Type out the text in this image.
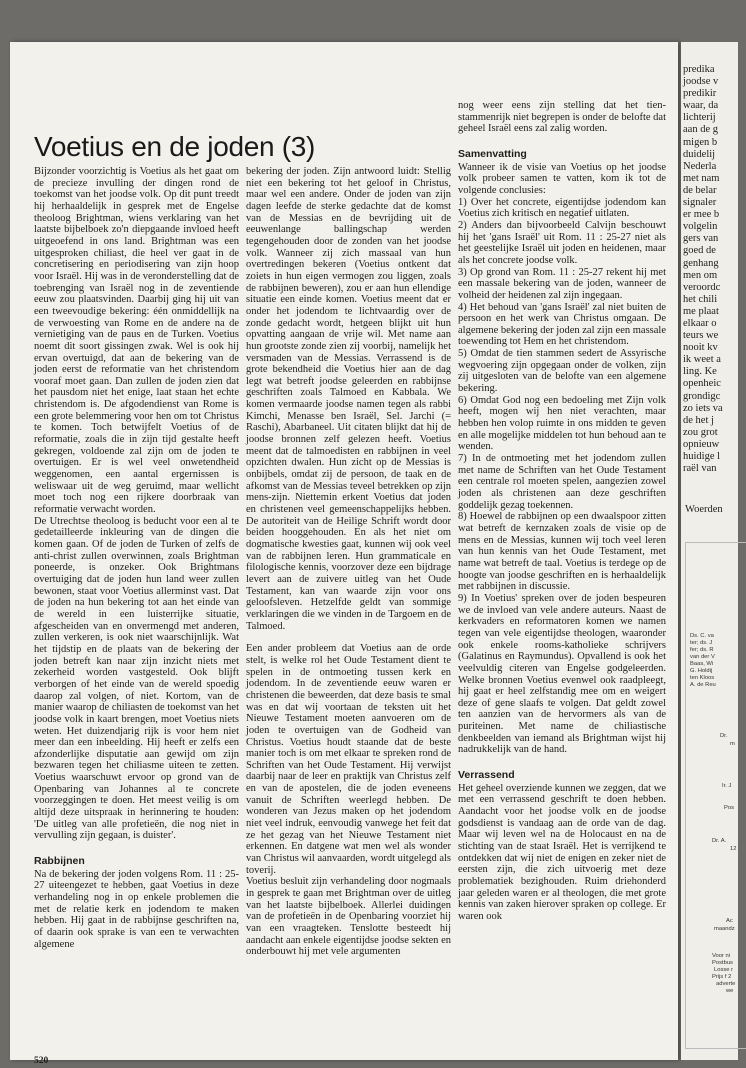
Voetius en de joden (3)

Bijzonder voorzichtig is Voetius als het gaat om de precieze invulling der dingen rond de toekomst van het joodse volk. Op dit punt treedt hij herhaaldelijk in gesprek met de Engelse theoloog Brightman, wiens verklaring van het laatste bijbelboek zo'n diepgaande invloed heeft uitgeoefend in ons land. Brightman was een uitgesproken chiliast, die heel ver gaat in de concretisering en periodisering van zijn hoop voor Israël. Hij was in de veronderstelling dat de toebrenging van Israël nog in de zeventiende eeuw zou plaatsvinden. Daarbij ging hij uit van een tweevoudige bekering: één onmiddellijk na de verwoesting van Rome en de andere na de vernietiging van de paus en de Turken. Voetius noemt dit soort gissingen zwak. Wel is ook hij ervan overtuigd, dat aan de bekering van de joden eerst de reformatie van het christendom vooraf moet gaan. Dan zullen de joden zien dat het pausdom niet het enige, laat staan het echte christendom is. De afgodendienst van Rome is een grote belemmering voor hen om tot Christus te komen. Toch betwijfelt Voetius of de reformatie, zoals die in zijn tijd gestalte heeft gekregen, voldoende zal zijn om de joden te overtuigen. Er is wel veel onwetendheid weggenomen, een aantal ergernissen is weliswaar uit de weg geruimd, maar wellicht moet toch nog een rijkere doorbraak van reformatie verwacht worden.

De Utrechtse theoloog is beducht voor een al te gedetailleerde inkleuring van de dingen die komen gaan. Of de joden de Turken of zelfs de anti-christ zullen overwinnen, zoals Brightman poneerde, is onzeker. Ook Brightmans overtuiging dat de joden hun land weer zullen bewonen, staat voor Voetius allerminst vast. Dat de joden na hun bekering tot aan het einde van de wereld in een luisterrijke situatie, afgescheiden van en onvermengd met anderen, zullen verkeren, is ook niet waarschijnlijk. Wat het tijdstip en de plaats van de bekering der joden betreft kan naar zijn inzicht niets met zekerheid worden vastgesteld. Ook blijft verborgen of het einde van de wereld spoedig daarop zal volgen, of niet. Kortom, van de manier waarop de chiliasten de toekomst van het joodse volk in kaart brengen, moet Voetius niets weten. Het duizendjarig rijk is voor hem niet meer dan een inbeelding. Hij heeft er zelfs een afzonderlijke disputatie aan gewijd om zijn bezwaren tegen het chiliasme uiteen te zetten. Voetius waarschuwt ervoor op grond van de Openbaring van Johannes al te concrete voorzeggingen te doen. Het meest veilig is om altijd deze uitspraak in herinnering te houden: 'De uitleg van alle profetieën, die nog niet in vervulling zijn gegaan, is duister'.

Rabbijnen

Na de bekering der joden volgens Rom. 11 : 25-27 uiteengezet te hebben, gaat Voetius in deze verhandeling nog in op enkele problemen die met de relatie kerk en jodendom te maken hebben. Hij gaat in de rabbijnse geschriften na, of daarin ook sprake is van een te verwachten algemene

bekering der joden. Zijn antwoord luidt: Stellig niet een bekering tot het geloof in Christus, maar wel een andere. Onder de joden van zijn dagen leefde de sterke gedachte dat de komst van de Messias en de bevrijding uit de eeuwenlange ballingschap werden tegengehouden door de zonden van het joodse volk. Wanneer zij zich massaal van hun overtredingen bekeren (Voetius ontkent dat zoiets in hun eigen vermogen zou liggen, zoals de rabbijnen beweren), zou er aan hun ellendige situatie een einde komen. Voetius meent dat er onder het jodendom te lichtvaardig over de zonde gedacht wordt, hetgeen blijkt uit hun opvatting aangaan de vrije wil. Met name aan hun grootste zonde zien zij voorbij, namelijk het versmaden van de Messias. Verrassend is de grote bekendheid die Voetius hier aan de dag legt wat betreft joodse geleerden en rabbijnse geschriften zoals Talmoed en Kabbala. We komen vermaarde joodse namen tegen als rabbi Kimchi, Menasse ben Israël, Sel. Jarchi (= Raschi), Abarbaneel. Uit citaten blijkt dat hij de joodse bronnen zelf gelezen heeft. Voetius meent dat de talmoedisten en rabbijnen in veel opzichten dwalen. Hun zicht op de Messias is onbijbels, omdat zij de persoon, de taak en de afkomst van de Messias teveel betrekken op zijn mens-zijn. Niettemin erkent Voetius dat joden en christenen veel gemeenschappelijks hebben. De autoriteit van de Heilige Schrift wordt door beiden hooggehouden. En als het niet om dogmatische kwesties gaat, kunnen wij ook veel van de rabbijnen leren. Hun grammaticale en filologische kennis, voorzover deze een bijdrage levert aan de zuivere uitleg van het Oude Testament, kan van waarde zijn voor ons geloofsleven. Hetzelfde geldt van sommige verklaringen die we vinden in de Targoem en de Talmoed.

Een ander probleem dat Voetius aan de orde stelt, is welke rol het Oude Testament dient te spelen in de ontmoeting tussen kerk en jodendom. In de zeventiende eeuw waren er christenen die beweerden, dat deze basis te smal was en dat wij voortaan de teksten uit het Nieuwe Testament moeten aanvoeren om de joden te overtuigen van de Godheid van Christus. Voetius houdt staande dat de beste manier toch is om met elkaar te spreken rond de Schriften van het Oude Testament. Hij verwijst daarbij naar de leer en praktijk van Christus zelf en van de apostelen, die de joden eveneens vanuit de Schriften weerlegd hebben. De wonderen van Jezus maken op het jodendom niet veel indruk, eenvoudig vanwege het feit dat ze het gezag van het Nieuwe Testament niet erkennen. En datgene wat men wel als wonder van Christus wil aanvaarden, wordt uitgelegd als toverij.

Voetius besluit zijn verhandeling door nogmaals in gesprek te gaan met Brightman over de uitleg van het laatste bijbelboek. Allerlei duidingen van de profetieën in de Openbaring voorziet hij van een vraagteken. Tenslotte besteedt hij aandacht aan enkele eigentijdse joodse sekten en onderbouwt hij met vele argumenten

nog weer eens zijn stelling dat het tien-stammenrijk niet begrepen is onder de belofte dat geheel Israël eens zal zalig worden.

Samenvatting

Wanneer ik de visie van Voetius op het joodse volk probeer samen te vatten, kom ik tot de volgende conclusies:

1) Over het concrete, eigentijdse jodendom kan Voetius zich kritisch en negatief uitlaten.

2) Anders dan bijvoorbeeld Calvijn beschouwt hij het 'gans Israël' uit Rom. 11 : 25-27 niet als het geestelijke Israël uit joden en heidenen, maar als het concrete joodse volk.

3) Op grond van Rom. 11 : 25-27 rekent hij met een massale bekering van de joden, wanneer de volheid der heidenen zal zijn ingegaan.

4) Het behoud van 'gans Israël' zal niet buiten de persoon en het werk van Christus omgaan. De algemene bekering der joden zal zijn een massale toewending tot Hem en het christendom.

5) Omdat de tien stammen sedert de Assyrische wegvoering zijn opgegaan onder de volken, zijn zij uitgesloten van de belofte van een algemene bekering.

6) Omdat God nog een bedoeling met Zijn volk heeft, mogen wij hen niet verachten, maar hebben hen volop ruimte in ons midden te geven en alle mogelijke middelen tot hun behoud aan te wenden.

7) In de ontmoeting met het jodendom zullen met name de Schriften van het Oude Testament een centrale rol moeten spelen, aangezien zowel joden als christenen aan deze geschriften goddelijk gezag toekennen.

8) Hoewel de rabbijnen op een dwaalspoor zitten wat betreft de kernzaken zoals de visie op de mens en de Messias, kunnen wij toch veel leren van hun kennis van het Oude Testament, met name wat betreft de taal. Voetius is terdege op de hoogte van joodse geschriften en is herhaaldelijk met rabbijnen in discussie.

9) In Voetius' spreken over de joden bespeuren we de invloed van vele andere auteurs. Naast de kerkvaders en reformatoren komen we namen tegen van vele eigentijdse theologen, waaronder ook enkele rooms-katholieke schrijvers (Galatinus en Raymundus). Opvallend is ook het veelvuldig citeren van Engelse godgeleerden. Welke bronnen Voetius evenwel ook raadpleegt, hij gaat er heel zelfstandig mee om en weigert deze of gene slaafs te volgen. Dat geldt zowel ten aanzien van de hervormers als van de puriteinen. Met name de chiliastische denkbeelden van iemand als Brightman wijst hij nadrukkelijk van de hand.

Verrassend

Het geheel overziende kunnen we zeggen, dat we met een verrassend geschrift te doen hebben. Aandacht voor het joodse volk en de joodse godsdienst is vandaag aan de orde van de dag. Maar wij leven wel na de Holocaust en na de stichting van de staat Israël. Het is verrijkend te ontdekken dat wij niet de enigen en zeker niet de eersten zijn, die zich uitvoerig met deze problematiek bezighouden. Ruim driehonderd jaar geleden waren er al theologen, die met grote kennis van zaken hierover spraken op college. Er waren ook

520

predika

joodse v

predikir

waar, da

lichterij

aan de g

migen b

duidelij

Nederla

met nam

de belar

signaler

er mee b

volgelin

gers van

goed de

genhang

men om

veroordc

het chili

me plaat

elkaar o

teurs we

nooit kv

ik weet a

ling. Ke

openheic

grondigc

zo iets va

de het j

zou grot

opnieuw

huidige l

raël van

Woerden
Ds. C. va
ter; ds. J
fer; ds. R
van der V
Baas, Wi
G. Holdij
ten Kloos
A. de Reu
Dr.
m
Ir. J
Pos
Dr. A.
12
Ac
maandz
Voor ni
Postbus
Losse r
Prijs f 2
adverte
we
